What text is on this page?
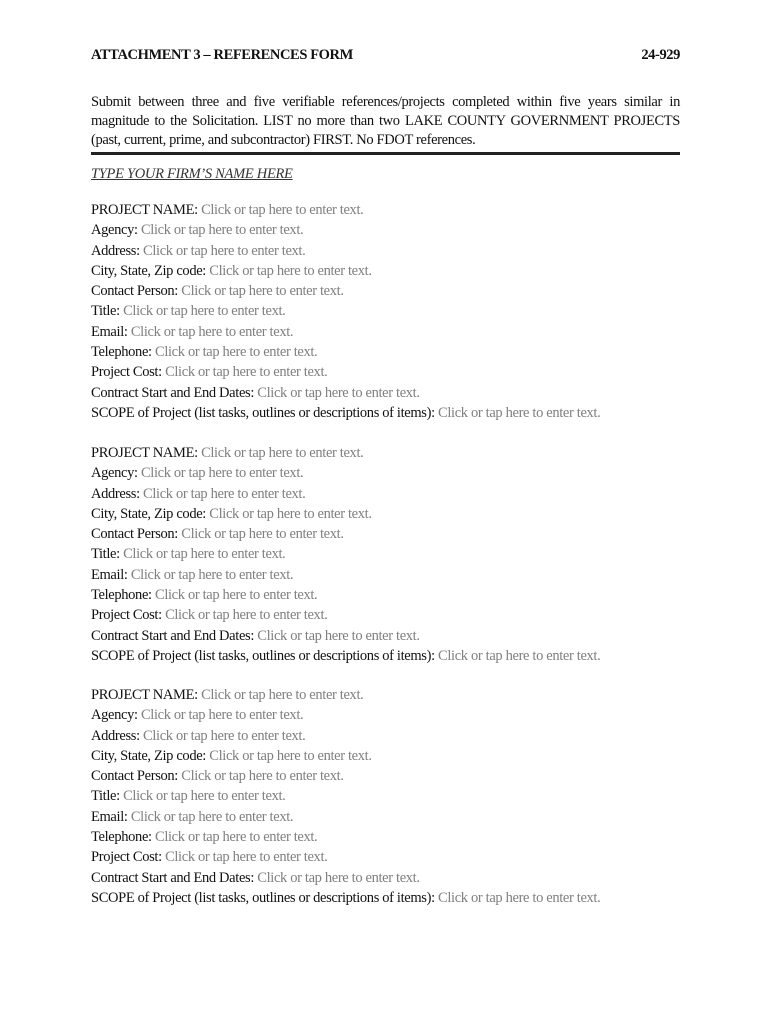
ATTACHMENT 3 – REFERENCES FORM	24-929
Submit between three and five verifiable references/projects completed within five years similar in magnitude to the Solicitation. LIST no more than two LAKE COUNTY GOVERNMENT PROJECTS (past, current, prime, and subcontractor) FIRST. No FDOT references.
TYPE YOUR FIRM’S NAME HERE
PROJECT NAME: Click or tap here to enter text.
Agency: Click or tap here to enter text.
Address: Click or tap here to enter text.
City, State, Zip code: Click or tap here to enter text.
Contact Person: Click or tap here to enter text.
Title: Click or tap here to enter text.
Email: Click or tap here to enter text.
Telephone: Click or tap here to enter text.
Project Cost: Click or tap here to enter text.
Contract Start and End Dates: Click or tap here to enter text.
SCOPE of Project (list tasks, outlines or descriptions of items): Click or tap here to enter text.
PROJECT NAME: Click or tap here to enter text.
Agency: Click or tap here to enter text.
Address: Click or tap here to enter text.
City, State, Zip code: Click or tap here to enter text.
Contact Person: Click or tap here to enter text.
Title: Click or tap here to enter text.
Email: Click or tap here to enter text.
Telephone: Click or tap here to enter text.
Project Cost: Click or tap here to enter text.
Contract Start and End Dates: Click or tap here to enter text.
SCOPE of Project (list tasks, outlines or descriptions of items): Click or tap here to enter text.
PROJECT NAME: Click or tap here to enter text.
Agency: Click or tap here to enter text.
Address: Click or tap here to enter text.
City, State, Zip code: Click or tap here to enter text.
Contact Person: Click or tap here to enter text.
Title: Click or tap here to enter text.
Email: Click or tap here to enter text.
Telephone: Click or tap here to enter text.
Project Cost: Click or tap here to enter text.
Contract Start and End Dates: Click or tap here to enter text.
SCOPE of Project (list tasks, outlines or descriptions of items): Click or tap here to enter text.
